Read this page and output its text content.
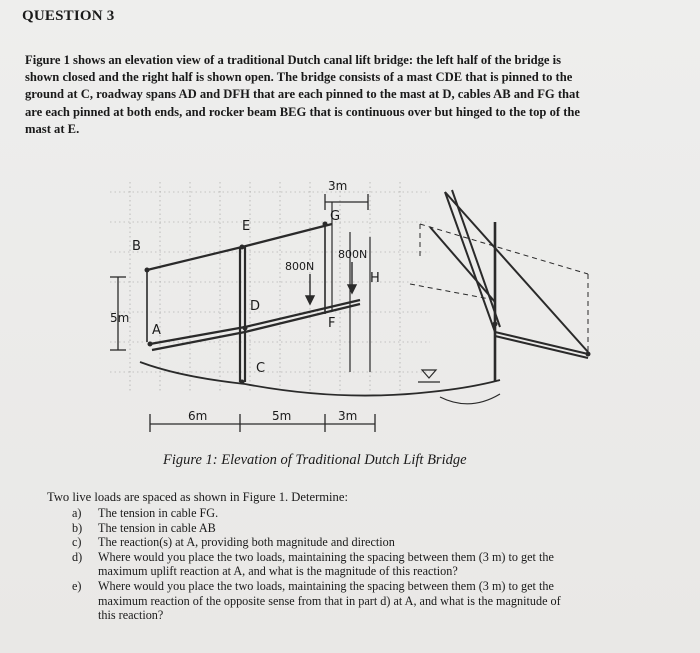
QUESTION 3
Figure 1 shows an elevation view of a traditional Dutch canal lift bridge: the left half of the bridge is
shown closed and the right half is shown open. The bridge consists of a mast CDE that is pinned to the
ground at C, roadway spans AD and DFH that are each pinned to the mast at D, cables AB and FG that
are each pinned at both ends, and rocker beam BEG that is continuous over but hinged to the top of the
mast at E.
B
E
G
D
F
H
A
C
800N
800N
3m
5m
6m	5m	3m
Figure 1: Elevation of Traditional Dutch Lift Bridge
Two live loads are spaced as shown in Figure 1. Determine:
a)	The tension in cable FG.
b)	The tension in cable AB
c)	The reaction(s) at A, providing both magnitude and direction
d)	Where would you place the two loads, maintaining the spacing between them (3 m) to get the
maximum uplift reaction at A, and what is the magnitude of this reaction?
e)	Where would you place the two loads, maintaining the spacing between them (3 m) to get the
maximum reaction of the opposite sense from that in part d) at A, and what is the magnitude of
this reaction?
